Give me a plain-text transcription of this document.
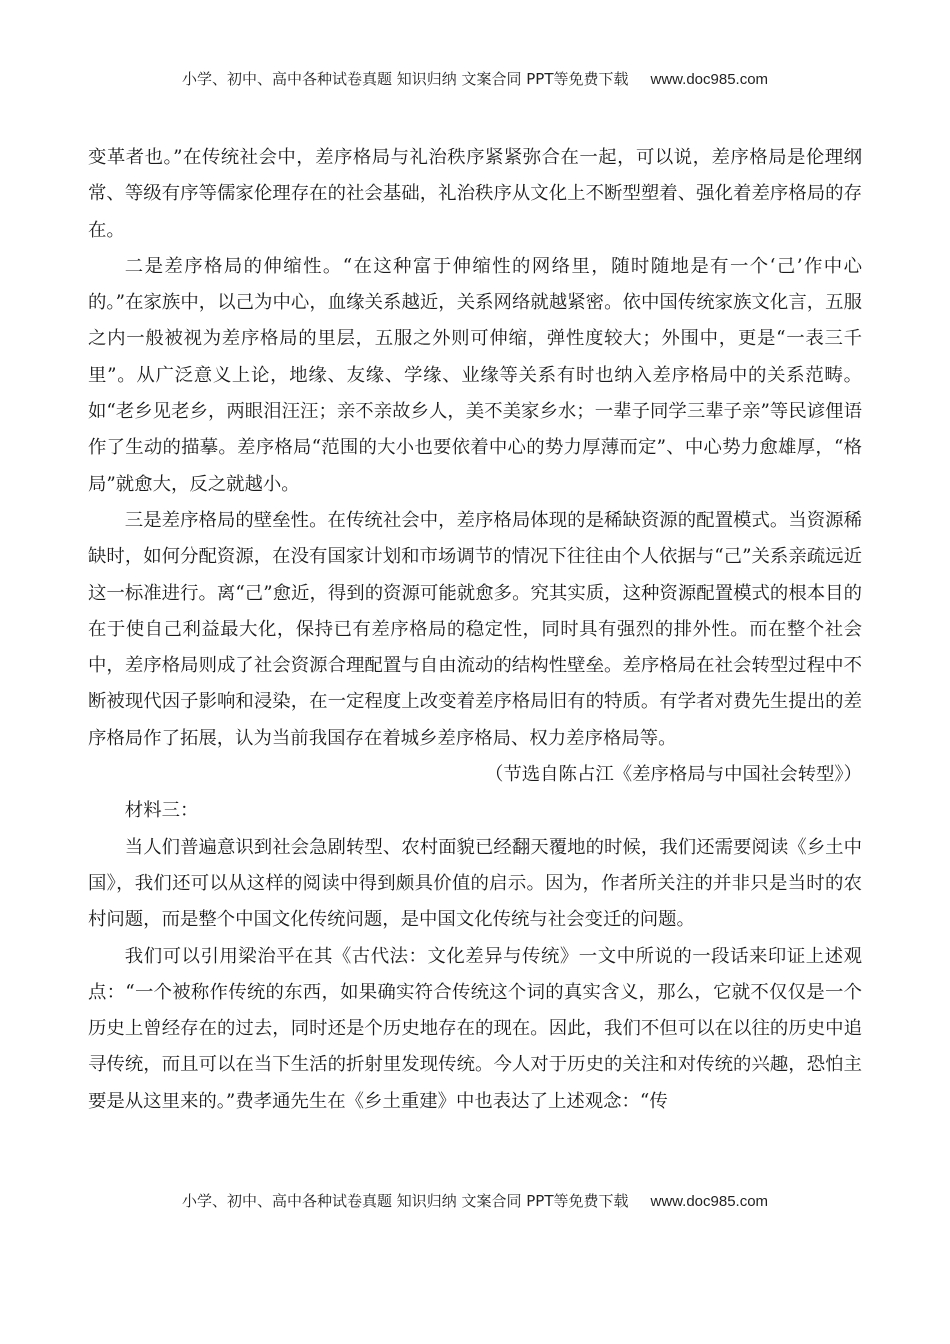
小学、初中、高中各种试卷真题 知识归纳 文案合同 PPT等免费下载 www.doc985.com

变革者也。”在传统社会中，差序格局与礼治秩序紧紧弥合在一起，可以说，差序格局是伦理纲常、等级有序等儒家伦理存在的社会基础，礼治秩序从文化上不断型塑着、强化着差序格局的存在。

二是差序格局的伸缩性。“在这种富于伸缩性的网络里，随时随地是有一个‘己’作中心的。”在家族中，以己为中心，血缘关系越近，关系网络就越紧密。依中国传统家族文化言，五服之内一般被视为差序格局的里层，五服之外则可伸缩，弹性度较大；外围中，更是“一表三千里”。从广泛意义上论，地缘、友缘、学缘、业缘等关系有时也纳入差序格局中的关系范畴。如“老乡见老乡，两眼泪汪汪；亲不亲故乡人，美不美家乡水；一辈子同学三辈子亲”等民谚俚语作了生动的描摹。差序格局“范围的大小也要依着中心的势力厚薄而定”、中心势力愈雄厚，“格局”就愈大，反之就越小。

三是差序格局的壁垒性。在传统社会中，差序格局体现的是稀缺资源的配置模式。当资源稀缺时，如何分配资源，在没有国家计划和市场调节的情况下往往由个人依据与“己”关系亲疏远近这一标准进行。离“己”愈近，得到的资源可能就愈多。究其实质，这种资源配置模式的根本目的在于使自己利益最大化，保持已有差序格局的稳定性，同时具有强烈的排外性。而在整个社会中，差序格局则成了社会资源合理配置与自由流动的结构性壁垒。差序格局在社会转型过程中不断被现代因子影响和浸染，在一定程度上改变着差序格局旧有的特质。有学者对费先生提出的差序格局作了拓展，认为当前我国存在着城乡差序格局、权力差序格局等。

（节选自陈占江《差序格局与中国社会转型》）

材料三：

当人们普遍意识到社会急剧转型、农村面貌已经翻天覆地的时候，我们还需要阅读《乡土中国》，我们还可以从这样的阅读中得到颇具价值的启示。因为，作者所关注的并非只是当时的农村问题，而是整个中国文化传统问题，是中国文化传统与社会变迁的问题。

我们可以引用梁治平在其《古代法：文化差异与传统》一文中所说的一段话来印证上述观点：“一个被称作传统的东西，如果确实符合传统这个词的真实含义，那么，它就不仅仅是一个历史上曾经存在的过去，同时还是个历史地存在的现在。因此，我们不但可以在以往的历史中追寻传统，而且可以在当下生活的折射里发现传统。今人对于历史的关注和对传统的兴趣，恐怕主要是从这里来的。”费孝通先生在《乡土重建》中也表达了上述观念：“传

小学、初中、高中各种试卷真题 知识归纳 文案合同 PPT等免费下载 www.doc985.com
